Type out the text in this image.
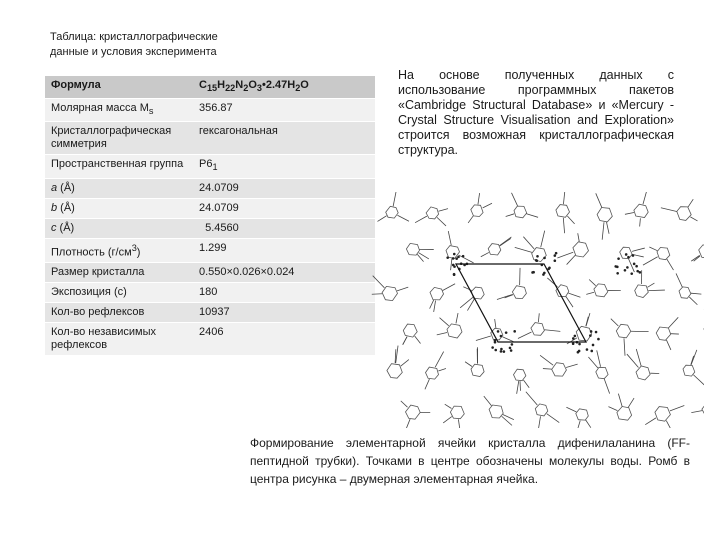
Таблица: кристаллографические
данные и условия эксперимента
Формула	$C_{15}H_{22}N_2O_3•2.47H_2O$
Молярная масса $M_s$	356.87
Кристаллографическая симметрия	гексагональная
Пространственная группа	$P6_1$
a (Å)	24.0709
b (Å)	24.0709
c (Å)	5.4560
Плотность $(г/см^3)$	1.299
Размер кристалла	0.550×0.026×0.024
Экспозиция (с)	180
Кол-во рефлексов	10937
Кол-во независимых рефлексов	2406
На основе полученных данных с использование программных пакетов «Cambridge Structural Database» и «Mercury - Crystal Structure Visualisation and Exploration» строится возможная кристаллографическая структура.
Формирование элементарной ячейки кристалла дифенилаланина (FF-пептидной трубки). Точками в центре обозначены молекулы воды. Ромб в центра рисунка – двумерная элементарная ячейка.
